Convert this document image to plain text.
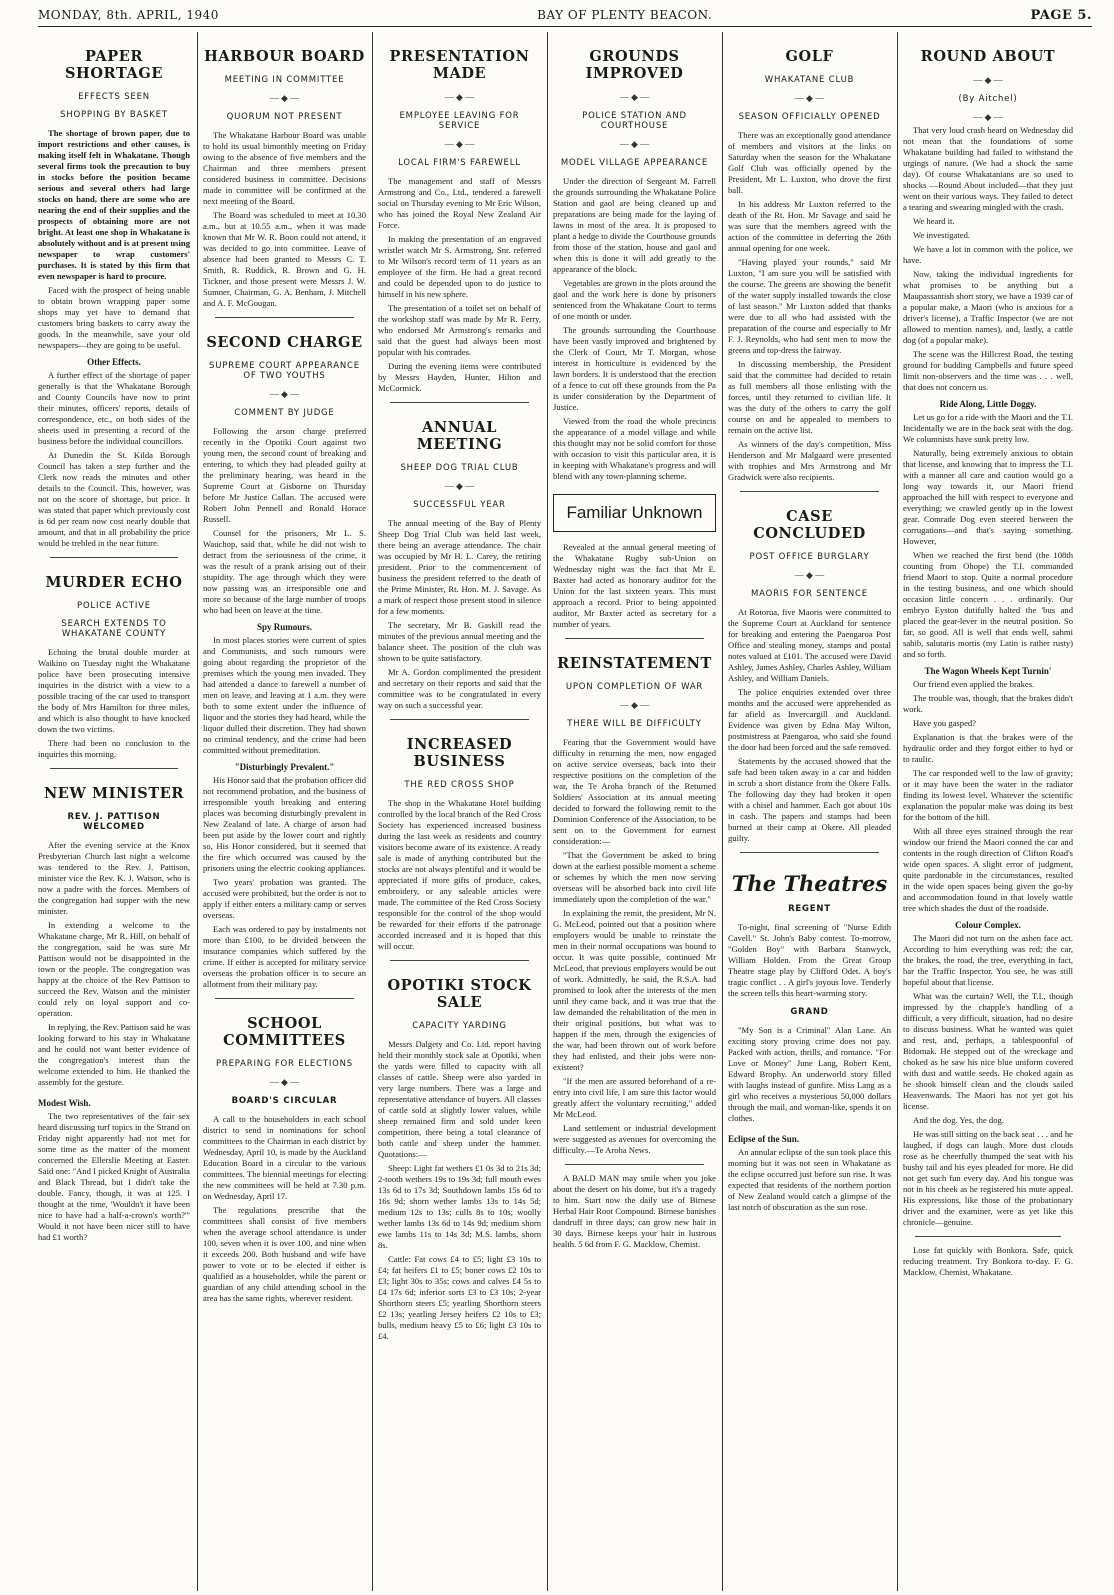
MONDAY, 8th. APRIL, 1940	BAY OF PLENTY BEACON.	PAGE 5.
PAPER SHORTAGE
EFFECTS SEEN
SHOPPING BY BASKET

The shortage of brown paper, due to import restrictions and other causes, is making itself felt in Whakatane. Though several firms took the precaution to buy in stocks before the position became serious and several others had large stocks on hand, there are some who are nearing the end of their supplies and the prospects of obtaining more are not bright. At least one shop in Whakatane is absolutely without and is at present using newspaper to wrap customers' purchases. It is stated by this firm that even newspaper is hard to procure.

Faced with the prospect of being unable to obtain brown wrapping paper some shops may yet have to demand that customers bring baskets to carry away the goods. In the meanwhile, save your old newspapers—they are going to be useful.

Other Effects.

A further effect of the shortage of paper generally is that the Whakatane Borough and County Councils have now to print their minutes, officers' reports, details of correspondence, etc., on both sides of the sheets used in presenting a record of the business before the individual councillors.

At Dunedin the St. Kilda Borough Council has taken a step further and the Clerk now reads the minutes and other details to the Council. This, however, was not on the score of shortage, but price. It was stated that paper which previously cost is 6d per ream now cost nearly double that amount, and that in all probability the price would be trebled in the near future.

MURDER ECHO
POLICE ACTIVE
SEARCH EXTENDS TO WHAKATANE COUNTY

Echoing the brutal double murder at Waikino on Tuesday night the Whakatane police have been prosecuting intensive inquiries in the district with a view to a possible tracing of the car used to transport the body of Mrs Hamilton for three miles, and which is also thought to have knocked down the two victims.

There had been no conclusion to the inquiries this morning.

NEW MINISTER
REV. J. PATTISON WELCOMED

After the evening service at the Knox Presbyterian Church last night a welcome was tendered to the Rev. J. Pattison, minister vice the Rev. K. J. Watson, who is now a padre with the forces. Members of the congregation had supper with the new minister.

In extending a welcome to the Whakatane charge, Mr R. Hill, on behalf of the congregation, said he was sure Mr Pattison would not be disappointed in the town or the people. The congregation was happy at the choice of the Rev Pattison to succeed the Rev. Watson and the minister could rely on loyal support and co-operation.

In replying, the Rev. Pattison said he was looking forward to his stay in Whakatane and he could not want better evidence of the congregation's interest than the welcome extended to him. He thanked the assembly for the gesture.

Modest Wish.

The two representatives of the fair sex heard discussing turf topics in the Strand on Friday night apparently had not met for some time as the matter of the moment concerned the Ellerslie Meeting at Easter. Said one: "And I picked Knight of Australia and Black Thread, but I didn't take the double. Fancy, though, it was at 125. I thought at the time, 'Wouldn't it have been nice to have had a half-a-crown's worth?'" Would it not have been nicer still to have had £1 worth?

HARBOUR BOARD
MEETING IN COMMITTEE
— ◆ —
QUORUM NOT PRESENT

The Whakatane Harbour Board was unable to hold its usual bimonthly meeting on Friday owing to the absence of five members and the Chairman and three members present considered business in committee. Decisions made in committee will be confirmed at the next meeting of the Board.

The Board was scheduled to meet at 10.30 a.m., but at 10.55 a.m., when it was made known that Mr W. R. Boon could not attend, it was decided to go into committee. Leave of absence had been granted to Messrs C. T. Smith, R. Ruddick, R. Brown and G. H. Tickner, and those present were Messrs J. W. Sumner, Chairman, G. A. Benham, J. Mitchell and A. F. McGougan.

SECOND CHARGE
SUPREME COURT APPEARANCE OF TWO YOUTHS
— ◆ —
COMMENT BY JUDGE

Following the arson charge preferred recently in the Opotiki Court against two young men, the second count of breaking and entering, to which they had pleaded guilty at the preliminary hearing, was heard in the Supreme Court at Gisborne on Thursday before Mr Justice Callan. The accused were Robert John Pennell and Ronald Horace Russell.

Counsel for the prisoners, Mr L. S. Wauchop, said that, while he did not wish to detract from the seriousness of the crime, it was the result of a prank arising out of their stupidity. The age through which they were now passing was an irresponsible one and more so because of the large number of troops who had been on leave at the time.

Spy Rumours.

In most places stories were current of spies and Communists, and such rumours were going about regarding the proprietor of the premises which the young men invaded. They had attended a dance to farewell a number of men on leave, and leaving at 1 a.m. they were both to some extent under the influence of liquor and the stories they had heard, while the liquor dulled their discretion. They had shown no criminal tendency, and the crime had been committed without premeditation.

"Disturbingly Prevalent."

His Honor said that the probation officer did not recommend probation, and the business of irresponsible youth breaking and entering places was becoming disturbingly prevalent in New Zealand of late. A charge of arson had been put aside by the lower court and rightly so, His Honor considered, but it seemed that the fire which occurred was caused by the prisoners using the electric cooking appliances.

Two years' probation was granted. The accused were prohibited, but the order is not to apply if either enters a military camp or serves overseas.

Each was ordered to pay by instalments not more than £100, to be divided between the insurance companies which suffered by the crime. If either is accepted for military service overseas the probation officer is to secure an allotment from their military pay.

SCHOOL COMMITTEES
PREPARING FOR ELECTIONS
— ◆ —
BOARD'S CIRCULAR

A call to the householders in each school district to send in nominations for school committees to the Chairman in each district by Wednesday, April 10, is made by the Auckland Education Board in a circular to the various committees. The biennial meetings for electing the new committees will be held at 7.30 p.m. on Wednesday, April 17.

The regulations prescribe that the committees shall consist of five members when the average school attendance is under 100, seven when it is over 100, and nine when it exceeds 200. Both husband and wife have power to vote or to be elected if either is qualified as a householder, while the parent or guardian of any child attending school in the area has the same rights, wherever resident.

PRESENTATION MADE
— ◆ —
EMPLOYEE LEAVING FOR SERVICE
— ◆ —
LOCAL FIRM'S FAREWELL

The management and staff of Messrs Armstrong and Co., Ltd., tendered a farewell social on Thursday evening to Mr Eric Wilson, who has joined the Royal New Zealand Air Force.

In making the presentation of an engraved wristlet watch Mr S. Armstrong, Snr. referred to Mr Wilson's record term of 11 years as an employee of the firm. He had a great record and could be depended upon to do justice to himself in his new sphere.

The presentation of a toilet set on behalf of the workshop staff was made by Mr R. Ferry, who endorsed Mr Armstrong's remarks and said that the guest had always been most popular with his comrades.

During the evening items were contributed by Messrs Hayden, Hunter, Hilton and McCormick.

ANNUAL MEETING
SHEEP DOG TRIAL CLUB
— ◆ —
SUCCESSFUL YEAR

The annual meeting of the Bay of Plenty Sheep Dog Trial Club was held last week, there being an average attendance. The chair was occupied by Mr H. L. Carey, the retiring president. Prior to the commencement of business the president referred to the death of the Prime Minister, Rt. Hon. M. J. Savage. As a mark of respect those present stood in silence for a few moments.

The secretary, Mr B. Gaskill read the minutes of the previous annual meeting and the balance sheet. The position of the club was shown to be quite satisfactory.

Mr A. Gordon complimented the president and secretary on their reports and said that the committee was to be congratulated in every way on such a successful year.

INCREASED BUSINESS
THE RED CROSS SHOP

The shop in the Whakatane Hotel building controlled by the local branch of the Red Cross Society has experienced increased business during the last week as residents and country visitors become aware of its existence. A ready sale is made of anything contributed but the stocks are not always plentiful and it would be appreciated if more gifts of produce, cakes, embroidery, or any saleable articles were made. The committee of the Red Cross Society responsible for the control of the shop would be rewarded for their efforts if the patronage accorded increased and it is hoped that this will occur.

OPOTIKI STOCK SALE
CAPACITY YARDING

Messrs Dalgety and Co. Ltd. report having held their monthly stock sale at Opotiki, when the yards were filled to capacity with all classes of cattle. Sheep were also yarded in very large numbers. There was a large and representative attendance of buyers. All classes of cattle sold at slightly lower values, while sheep remained firm and sold under keen competition, there being a total clearance of both cattle and sheep under the hammer. Quotations:—

Sheep: Light fat wethers £1 0s 3d to 21s 3d; 2-tooth wethers 19s to 19s 3d; full mouth ewes 13s 6d to 17s 3d; Southdown lambs 15s 6d to 16s 9d; shorn wether lambs 13s to 14s 5d; medium 12s to 13s; culls 8s to 10s; woolly wether lambs 13s 6d to 14s 9d; medium shorn ewe lambs 11s to 14s 3d; M.S. lambs, shorn 8s.

Cattle: Fat cows £4 to £5; light £3 10s to £4; fat heifers £1 to £5; boner cows £2 10s to £3; light 30s to 35s; cows and calves £4 5s to £4 17s 6d; inferior sorts £3 to £3 10s; 2-year Shorthorn steers £5; yearling Shorthorn steers £2 13s; yearling Jersey heifers £2 10s to £3; bulls, medium heavy £5 to £6; light £3 10s to £4.

GROUNDS IMPROVED
— ◆ —
POLICE STATION AND COURTHOUSE
— ◆ —
MODEL VILLAGE APPEARANCE

Under the direction of Sergeant M. Farrell the grounds surrounding the Whakatane Police Station and gaol are being cleaned up and preparations are being made for the laying of lawns in most of the area. It is proposed to plant a hedge to divide the Courthouse grounds from those of the station, house and gaol and when this is done it will add greatly to the appearance of the block.

Vegetables are grown in the plots around the gaol and the work here is done by prisoners sentenced from the Whakatane Court to terms of one month or under.

The grounds surrounding the Courthouse have been vastly improved and brightened by the Clerk of Court, Mr T. Morgan, whose interest in horticulture is evidenced by the lawn borders. It is understood that the erection of a fence to cut off these grounds from the Pa is under consideration by the Department of Justice.

Viewed from the road the whole precincts the appearance of a model village and while this thought may not be solid comfort for those with occasion to visit this particular area, it is in keeping with Whakatane's progress and will blend with any town-planning scheme.

Familiar Unknown

Revealed at the annual general meeting of the Whakatane Rugby sub-Union on Wednesday night was the fact that Mr E. Baxter had acted as honorary auditor for the Union for the last sixteen years. This must approach a record. Prior to being appointed auditor, Mr Baxter acted as secretary for a number of years.

REINSTATEMENT
UPON COMPLETION OF WAR
— ◆ —
THERE WILL BE DIFFICULTY

Fearing that the Government would have difficulty in returning the men, now engaged on active service overseas, back into their respective positions on the completion of the war, the Te Aroha branch of the Returned Soldiers' Association at its annual meeting decided to forward the following remit to the Dominion Conference of the Association, to be sent on to the Government for earnest consideration:—

"That the Government be asked to bring down at the earliest possible moment a scheme or schemes by which the men now serving overseas will be absorbed back into civil life immediately upon the completion of the war."

In explaining the remit, the president, Mr N. G. McLeod, pointed out that a position where employers would be unable to reinstate the men in their normal occupations was bound to occur. It was quite possible, continued Mr McLeod, that previous employers would be out of work. Admittedly, he said, the R.S.A. had promised to look after the interests of the men until they came back, and it was true that the law demanded the rehabilitation of the men in their original positions, but what was to happen if the men, through the exigencies of the war, had been thrown out of work before they had enlisted, and their jobs were non-existent?

"If the men are assured beforehand of a re-entry into civil life, I am sure this factor would greatly affect the voluntary recruiting," added Mr McLeod.

Land settlement or industrial development were suggested as avenues for overcoming the difficulty.—Te Aroha News.

A BALD MAN may smile when you joke about the desert on his dome, but it's a tragedy to him. Start now the daily use of Birnese Herbal Hair Root Compound. Birnese banishes dandruff in three days; can grow new hair in 30 days. Birnese keeps your hair in lustrous health. 5 6d from F. G. Macklow, Chemist.

GOLF
WHAKATANE CLUB
— ◆ —
SEASON OFFICIALLY OPENED

There was an exceptionally good attendance of members and visitors at the links on Saturday when the season for the Whakatane Golf Club was officially opened by the President, Mr L. Luxton, who drove the first ball.

In his address Mr Luxton referred to the death of the Rt. Hon. Mr Savage and said he was sure that the members agreed with the action of the committee in deferring the 26th annual opening for one week.

"Having played your rounds," said Mr Luxton, "I am sure you will be satisfied with the course. The greens are showing the benefit of the water supply installed towards the close of last season." Mr Luxton added that thanks were due to all who had assisted with the preparation of the course and especially to Mr F. J. Reynolds, who had sent men to mow the greens and top-dress the fairway.

In discussing membership, the President said that the committee had decided to retain as full members all those enlisting with the forces, until they returned to civilian life. It was the duty of the others to carry the golf course on and he appealed to members to remain on the active list.

As winners of the day's competition, Miss Henderson and Mr Malgaard were presented with trophies and Mrs Armstrong and Mr Gradwick were also recipients.

CASE CONCLUDED
POST OFFICE BURGLARY
— ◆ —
MAORIS FOR SENTENCE

At Rotorua, five Maoris were committed to the Supreme Court at Auckland for sentence for breaking and entering the Paengaroa Post Office and stealing money, stamps and postal notes valued at £101. The accused were David Ashley, James Ashley, Charles Ashley, William Ashley, and William Daniels.

The police enquiries extended over three months and the accused were apprehended as far afield as Invercargill and Auckland. Evidence was given by Edna May Wilton, postmistress at Paengaroa, who said she found the door had been forced and the safe removed.

Statements by the accused showed that the safe had been taken away in a car and hidden in scrub a short distance from the Okere Falls. The following day they had broken it open with a chisel and hammer. Each got about 10s in cash. The papers and stamps had been burned at their camp at Okere. All pleaded guilty.

The Theatres
REGENT

To-night, final screening of "Nurse Edith Cavell." St. John's Baby contest. To-morrow, "Golden Boy" with Barbara Stanwyck, William Holden. From the Great Group Theatre stage play by Clifford Odet. A boy's tragic conflict . . A girl's joyous love. Tenderly the screen tells this heart-warming story.

GRAND

"My Son is a Criminal" Alan Lane. An exciting story proving crime does not pay. Packed with action, thrills, and romance. "For Love or Money" June Lang, Robert Kent, Edward Brophy. An underworld story filled with laughs instead of gunfire. Miss Lang as a girl who receives a mysterious 50,000 dollars through the mail, and woman-like, spends it on clothes.

Eclipse of the Sun.

An annular eclipse of the sun took place this morning but it was not seen in Whakatane as the eclipse occurred just before sun rise. It was expected that residents of the northern portion of New Zealand would catch a glimpse of the last notch of obscuration as the sun rose.

ROUND ABOUT
— ◆ —
(By Aitchel)
— ◆ —

That very loud crash heard on Wednesday did not mean that the foundations of some Whakatane building had failed to withstand the urgings of nature. (We had a shock the same day). Of course Whakatanians are so used to shocks —Round About included—that they just went on their various ways. They failed to detect a tearing and swearing mingled with the crash.

We heard it.

We investigated.

We have a lot in common with the police, we have.

Now, taking the individual ingredients for what promises to be anything but a Maupassantish short story, we have a 1939 car of a popular make, a Maori (who is anxious for a driver's license), a Traffic Inspector (we are not allowed to mention names), and, lastly, a cattle dog (of a popular make).

The scene was the Hillcrest Road, the testing ground for budding Campbells and future speed limit non-observers and the time was . . . well, that does not concern us.

Ride Along, Little Doggy.

Let us go for a ride with the Maori and the T.I. Incidentally we are in the back seat with the dog. We columnists have sunk pretty low.

Naturally, being extremely anxious to obtain that license, and knowing that to impress the T.I. with a manner all care and caution would go a long way towards it, our Maori friend approached the hill with respect to everyone and everything; we crawled gently up in the lowest gear. Comrade Dog even steered between the corrugations—and that's saying something. However,

When we reached the first bend (the 108th counting from Ohope) the T.I. commanded friend Maori to stop. Quite a normal procedure in the testing business, and one which should occasion little concern . . . ordinarily. Our embryo Eyston dutifully halted the 'bus and placed the gear-lever in the neutral position. So far, so good. All is well that ends well, sahmi sahib, salutaris mortis (my Latin is rather rusty) and so forth.

The Wagon Wheels Kept Turnin'

Our friend even applied the brakes.

The trouble was, though, that the brakes didn't work.

Have you gasped?

Explanation is that the brakes were of the hydraulic order and they forgot either to hyd or to raulic.

The car responded well to the law of gravity; or it may have been the water in the radiator finding its lowest level. Whatever the scientific explanation the popular make was doing its best for the bottom of the hill.

With all three eyes strained through the rear window our friend the Maori conned the car and contents in the rough direction of Clifton Road's wide open spaces. A slight error of judgment, quite pardonable in the circumstances, resulted in the wide open spaces being given the go-by and accommodation found in that lovely wattle tree which shades the dust of the roadside.

Colour Complex.

The Maori did not turn on the ashen face act. According to him everything was red; the car, the brakes, the road, the tree, everything in fact, bar the Traffic Inspector. You see, he was still hopeful about that license.

What was the curtain? Well, the T.I., though impressed by the chapple's handling of a difficult, a very difficult, situation, had no desire to discuss business. What he wanted was quiet and rest, and, perhaps, a tablespoonful of Bidomak. He stepped out of the wreckage and choked as he saw his nice blue uniform covered with dust and wattle seeds. He choked again as he shook himself clean and the clouds sailed Heavenwards. The Maori has not yet got his license.

And the dog. Yes, the dog.

He was still sitting on the back seat . . . and he laughed, if dogs can laugh. More dust clouds rose as he cheerfully thumped the seat with his bushy tail and his eyes pleaded for more. He did not get such fun every day. And his tongue was not in his cheek as he registered his mute appeal. His expressions, like those of the probationary driver and the examiner, were as yet like this chronicle—genuine.

Lose fat quickly with Bonkora. Safe, quick reducing treatment. Try Bonkora to-day. F. G. Macklow, Chemist, Whakatane.
